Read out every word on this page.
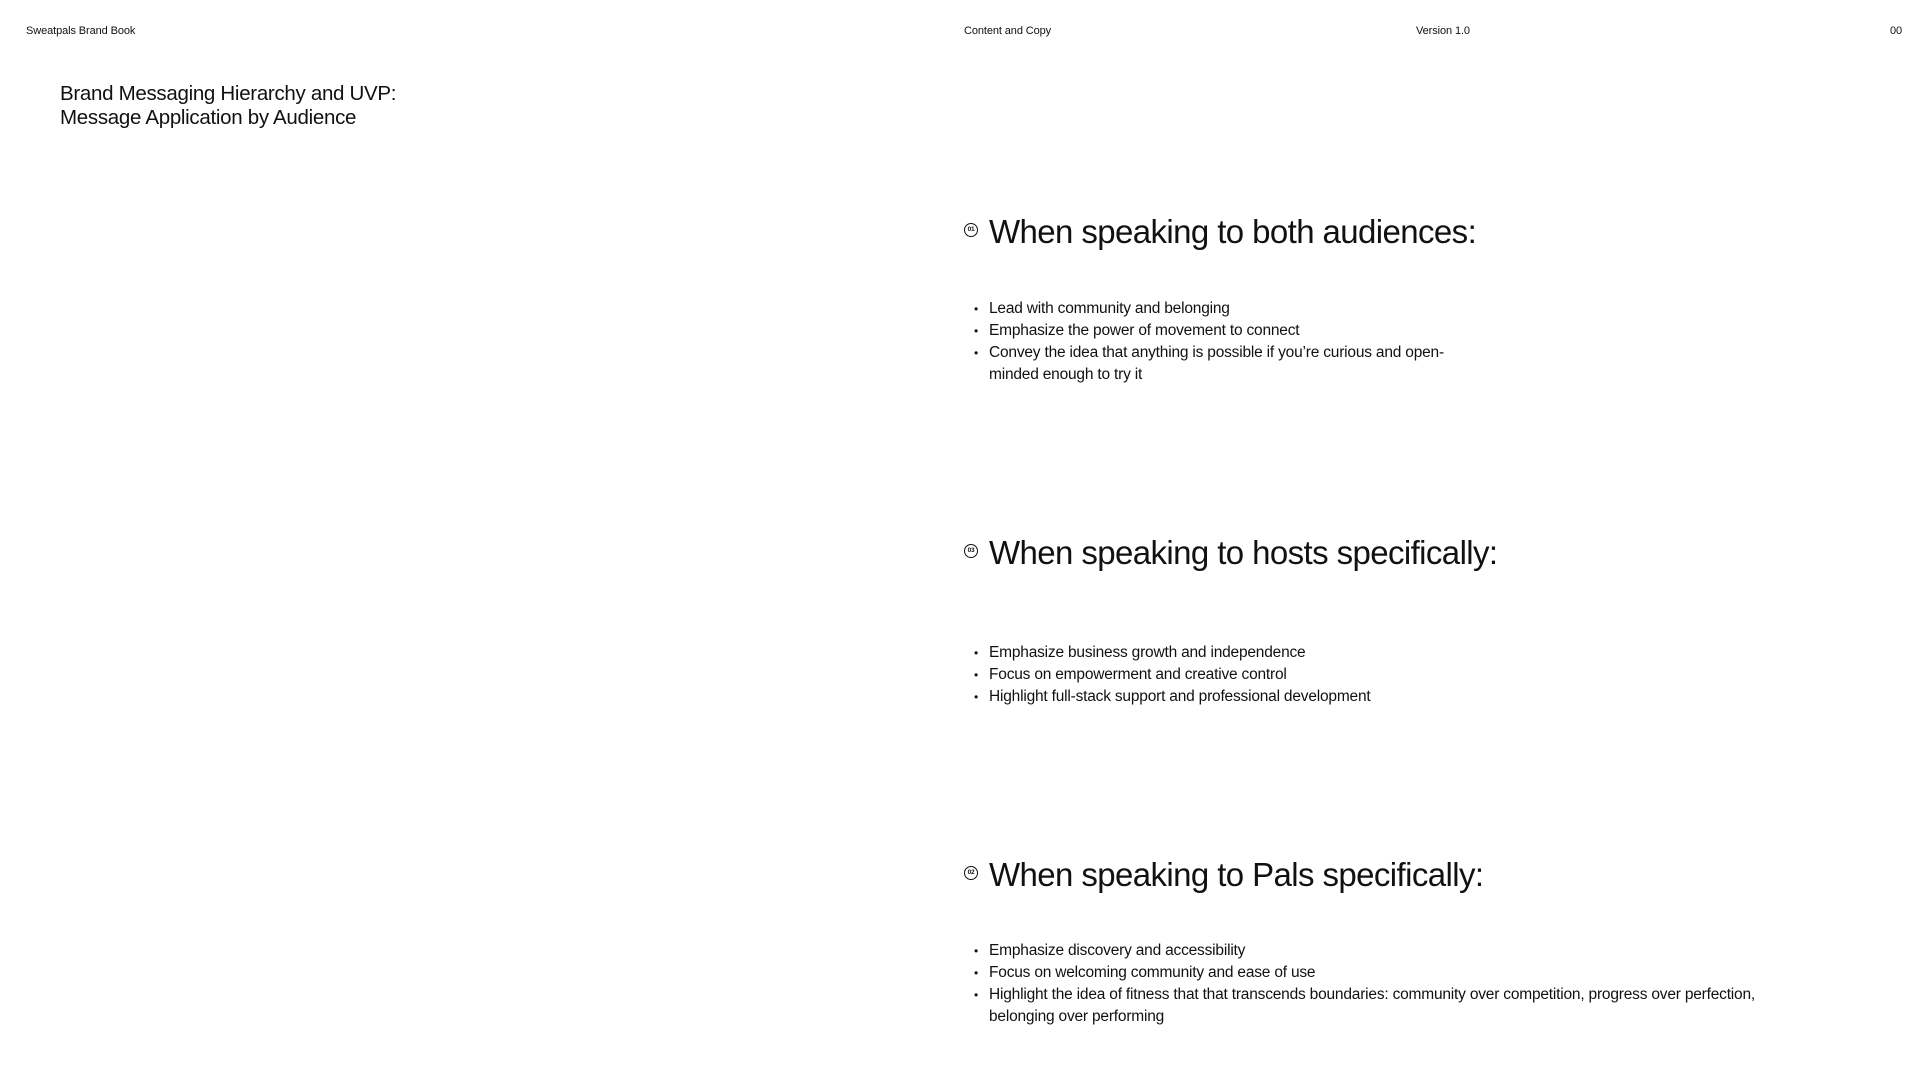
Sweatpals Brand Book	Content and Copy	Version 1.0	00
Brand Messaging Hierarchy and UVP:
Message Application by Audience
01 When speaking to both audiences:
• Lead with community and belonging
• Emphasize the power of movement to connect
• Convey the idea that anything is possible if you’re curious and open-minded enough to try it
03 When speaking to hosts specifically:
• Emphasize business growth and independence
• Focus on empowerment and creative control
• Highlight full-stack support and professional development
02 When speaking to Pals specifically:
• Emphasize discovery and accessibility
• Focus on welcoming community and ease of use
• Highlight the idea of fitness that that transcends boundaries: community over competition, progress over perfection, belonging over performing
